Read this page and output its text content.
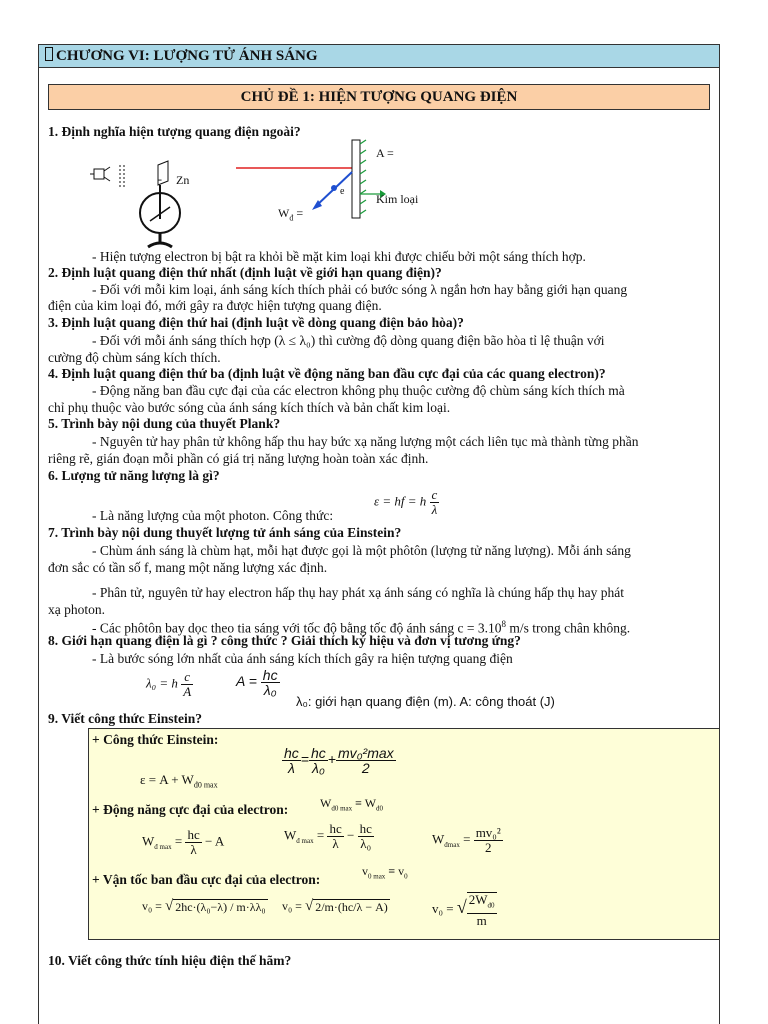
CHƯƠNG VI: LƯỢNG TỬ ÁNH SÁNG
CHỦ ĐỀ 1: HIỆN TƯỢNG QUANG ĐIỆN
1. Định nghĩa hiện tượng quang điện ngoài?
- Zn
A =
e
Kim loại
$W_đ$ =
- Hiện tượng electron bị bật ra khỏi bề mặt kim loại khi được chiếu bởi một sáng thích hợp.
2. Định luật quang điện thứ nhất (định luật về giới hạn quang điện)?
- Đối với mỗi kim loại, ánh sáng kích thích phải có bước sóng λ ngắn hơn hay bằng giới hạn quang
điện của kim loại đó, mới gây ra được hiện tượng quang điện.
3. Định luật quang điện thứ hai (định luật về dòng quang điện bảo hòa)?
- Đối với mỗi ánh sáng thích hợp (λ ≤ λ₀) thì cường độ dòng quang điện bão hòa tỉ lệ thuận với
cường độ chùm sáng kích thích.
4. Định luật quang điện thứ ba (định luật về động năng ban đầu cực đại của các quang electron)?
- Động năng ban đầu cực đại của các electron không phụ thuộc cường độ chùm sáng kích thích mà
chỉ phụ thuộc vào bước sóng của ánh sáng kích thích và bản chất kim loại.
5. Trình bày nội dung của thuyết Plank?
- Nguyên tử hay phân tử không hấp thu hay bức xạ năng lượng một cách liên tục mà thành từng phần
riêng rẽ, gián đoạn mỗi phần có giá trị năng lượng hoàn toàn xác định.
6. Lượng tử năng lượng là gì?
- Là năng lượng của một photon. Công thức:
ε = hf = h $\frac{c}{\lambda}$
7. Trình bày nội dung thuyết lượng tử ánh sáng của Einstein?
- Chùm ánh sáng là chùm hạt, mỗi hạt được gọi là một phôtôn (lượng tử năng lượng). Mỗi ánh sáng
đơn sắc có tần số f, mang một năng lượng xác định.
- Phân tử, nguyên tử hay electron hấp thụ hay phát xạ ánh sáng có nghĩa là chúng hấp thụ hay phát
xạ photon.
- Các phôtôn bay dọc theo tia sáng với tốc độ bằng tốc độ ánh sáng $c = 3.10^8$ m/s trong chân không.
8. Giới hạn quang điện là gì ? công thức ? Giải thích ký hiệu và đơn vị tương ứng?
- Là bước sóng lớn nhất của ánh sáng kích thích gây ra hiện tượng quang điện
λ₀ = h $\frac{c}{A}$	$A = \frac{hc}{\text{λ₀}}$
λ₀: giới hạn quang điện (m). A: công thoát (J)
9. Viết công thức Einstein?
+ Công thức Einstein:
$\varepsilon = A + W_{đ0 max}$
$\frac{hc}{\lambda} = \frac{hc}{\text{λ₀}} + \frac{\text{mv₀²max}}{2}$
+ Động năng cực đại của electron:	$W_{đ0 max} \equiv W_{đ0}$
$W_{đ max} = \frac{hc}{\lambda} - A$	$W_{đ max} = \frac{hc}{\lambda} - \frac{hc}{\text{λ₀}}$	$W_{đmax} = \frac{\text{mv₀²}}{2}$
+ Vận tốc ban đầu cực đại của electron:
$v_{0 max} \equiv v_0$
v₀ = √ 2hc·(λ₀−λ) / m·λλ₀ v₀ = √ 2/m·(hc/λ − A)	v₀ = √ $\frac{2W_{đ0}}{m}$
10. Viết công thức tính hiệu điện thế hãm?
